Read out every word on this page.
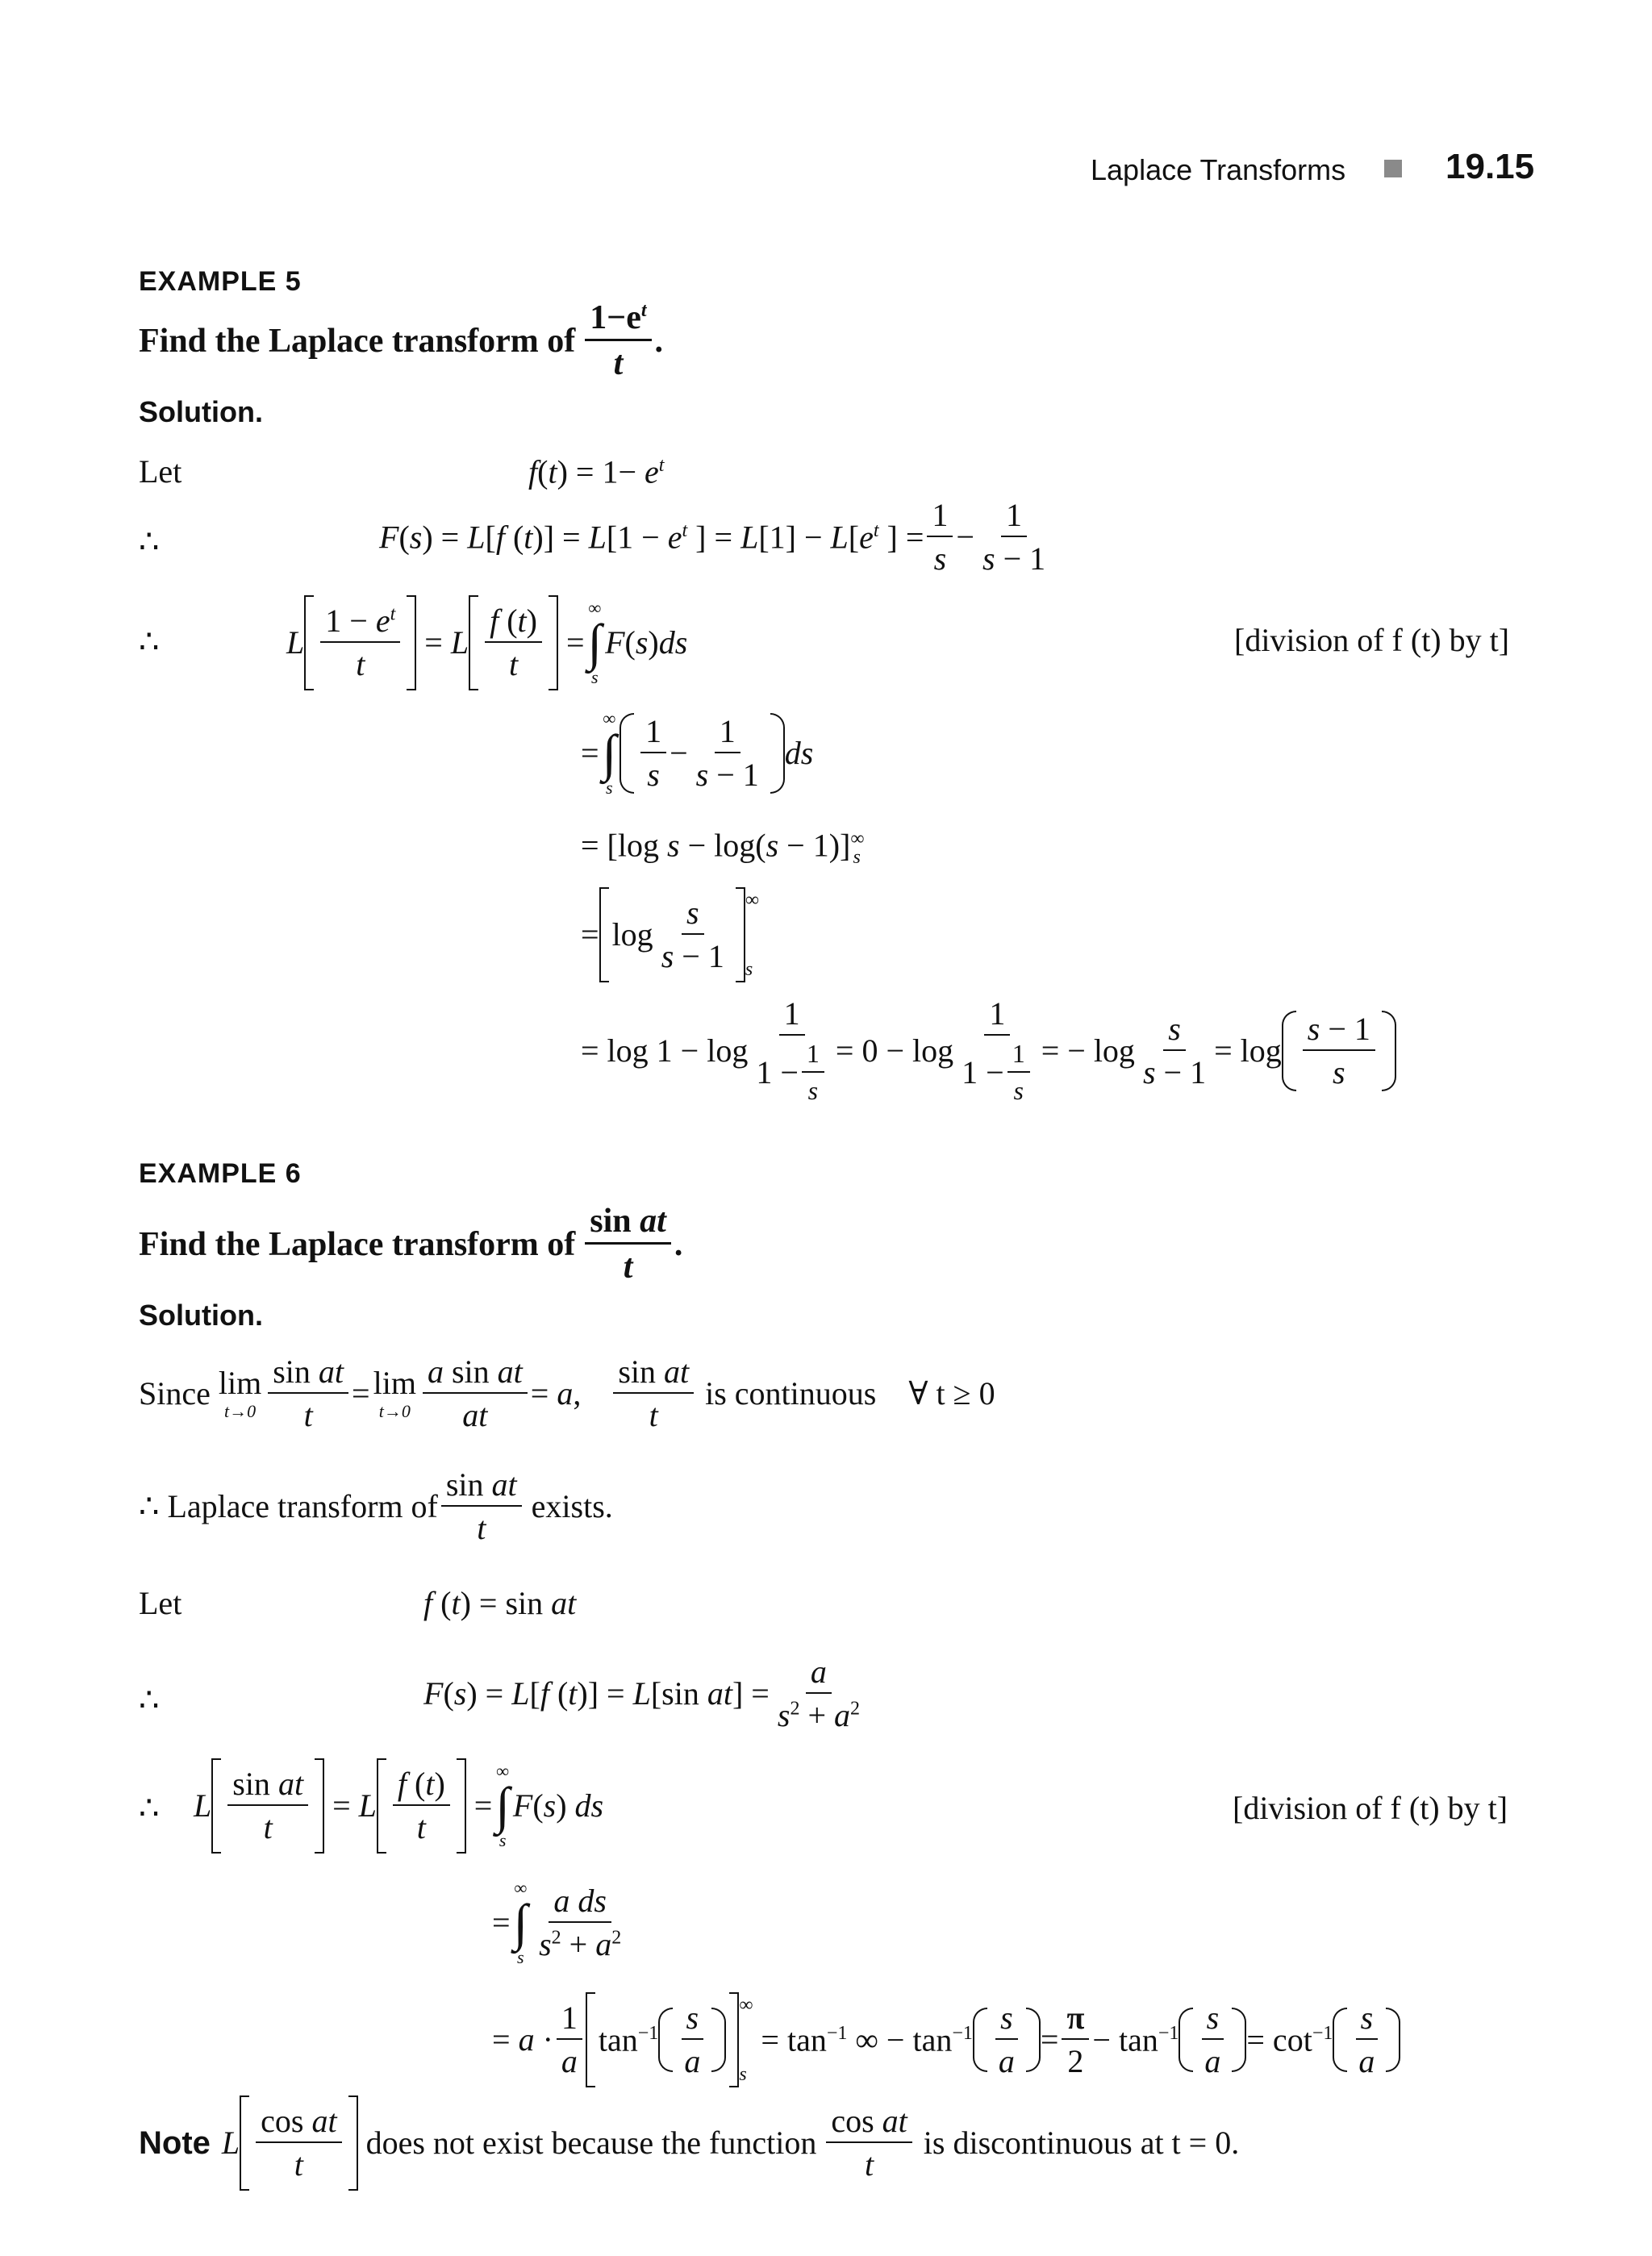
Laplace Transforms	19.15
EXAMPLE 5
Find the Laplace transform of $\frac{1-e^t}{t}$ .
Solution.
Let	$f(t) = 1- e^t$
∴	F(s) = L[f $(t)] = L[1 - e^t$ ] = $L[1] - L[e^t$ ] = $\frac{1}{s} - \frac{1}{s - 1}$
∴	L $\frac{1 - e^t}{t} = L \frac{f (t)}{t}$ =
∞
∫
s
F(s)ds	[division of f (t) by t]
=
∞
∫
s $\frac{1}{s} - \frac{1}{s - 1}$ ds
= [log $s - \log(s - 1)]^\infty_s$
= $\log \frac{s}{s - 1}$ ∞
s
= $\log 1 - \log \frac{1}{1 - \frac{1}{s}} = 0 - \log \frac{1}{1 - \frac{1}{s}}$ = − $\log \frac{s}{s - 1} = \log \frac{s - 1}{s}$
EXAMPLE 6
Find the Laplace transform of $\frac{\text{sin at}}{t}$ .
Solution.
Since lim
$t\to 0 \frac{\text{sin at}}{t} = \lim$
$t\to 0 \frac{\text{a sin at}}{at} = a$, $\frac{\text{sin at}}{t}$ is continuous ∀ t ≥ 0
∴ Laplace transform of $\frac{\text{sin at}}{t}$ exists.
Let	f (t) = sin at
∴	F(s) = L[f (t)] = L[sin $at] = \frac{a}{s^2 + a^2}$
∴ L $\frac{\text{sin at}}{t} = L \frac{f (t)}{t}$ =
∞
∫
s
F(s) ds	[division of f (t) by t]
=
∞
∫
s $\frac{\text{a ds}}{s^2 + a^2}$
= $a \cdot \frac{1}{a} \tan^{-1} \frac{s}{a}$ ∞
s
= $\tan^{-1}$ ∞ − $\tan^{-1} \frac{s}{a} = \frac{\pi}{2} - \tan^{-1} \frac{s}{a} = \cot^{-1} \frac{s}{a}$
Note L $\frac{\text{cos at}}{t}$ does not exist because the function $\frac{\text{cos at}}{t}$ is discontinuous at t = 0.
